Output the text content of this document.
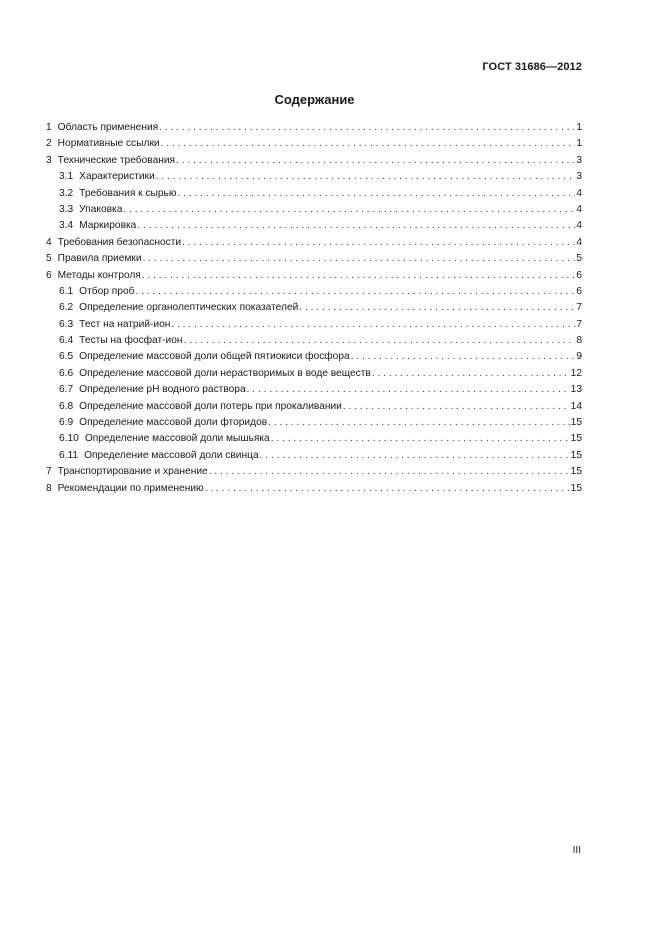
ГОСТ 31686—2012
Содержание
1 Область применения . . .	1
2 Нормативные ссылки . . .	1
3 Технические требования . . .	3
3.1 Характеристики . . .	3
3.2 Требования к сырью . . .	4
3.3 Упаковка . . .	4
3.4 Маркировка . . .	4
4 Требования безопасности . . .	4
5 Правила приемки . . .	5
6 Методы контроля . . .	6
6.1 Отбор проб . . .	6
6.2 Определение органолептических показателей . . .	7
6.3 Тест на натрий-ион . . .	7
6.4 Тесты на фосфат-ион . . .	8
6.5 Определение массовой доли общей пятиокиси фосфора . . .	9
6.6 Определение массовой доли нерастворимых в воде веществ . . .	12
6.7 Определение рН водного раствора . . .	13
6.8 Определение массовой доли потерь при прокаливании . . .	14
6.9 Определение массовой доли фторидов . . .	15
6.10 Определение массовой доли мышьяка . . .	15
6.11 Определение массовой доли свинца . . .	15
7 Транспортирование и хранение . . .	15
8 Рекомендации по применению . . .	15
III
